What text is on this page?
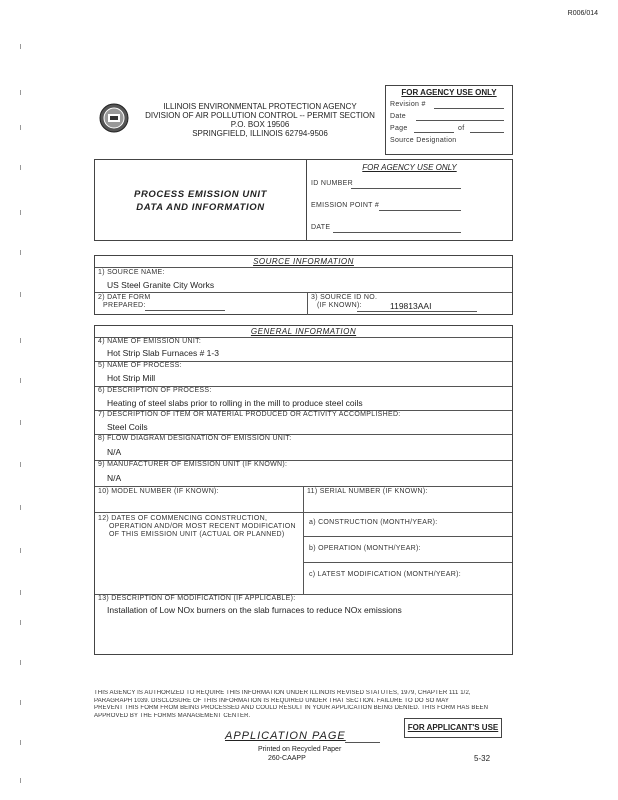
R006/014
ILLINOIS ENVIRONMENTAL PROTECTION AGENCY
DIVISION OF AIR POLLUTION CONTROL -- PERMIT SECTION
P.O. BOX 19506
SPRINGFIELD, ILLINOIS 62794-9506
FOR AGENCY USE ONLY
Revision #
Date
Page	of
Source Designation
PROCESS EMISSION UNIT
DATA AND INFORMATION
FOR AGENCY USE ONLY
ID NUMBER
EMISSION POINT #
DATE
SOURCE INFORMATION
1) SOURCE NAME:
US Steel Granite City Works
2) DATE FORM
PREPARED:
3) SOURCE ID NO.
(IF KNOWN):	119813AAI
GENERAL INFORMATION
4) NAME OF EMISSION UNIT:
Hot Strip Slab Furnaces # 1-3
5) NAME OF PROCESS:
Hot Strip Mill
6) DESCRIPTION OF PROCESS:
Heating of steel slabs prior to rolling in the mill to produce steel coils
7) DESCRIPTION OF ITEM OR MATERIAL PRODUCED OR ACTIVITY ACCOMPLISHED:
Steel Coils
8) FLOW DIAGRAM DESIGNATION OF EMISSION UNIT:
N/A
9) MANUFACTURER OF EMISSION UNIT (IF KNOWN):
N/A
10) MODEL NUMBER (IF KNOWN):	11) SERIAL NUMBER (IF KNOWN):
12) DATES OF COMMENCING CONSTRUCTION,
OPERATION AND/OR MOST RECENT MODIFICATION
OF THIS EMISSION UNIT (ACTUAL OR PLANNED)
a) CONSTRUCTION (MONTH/YEAR):
b) OPERATION (MONTH/YEAR):
c) LATEST MODIFICATION (MONTH/YEAR):
13) DESCRIPTION OF MODIFICATION (IF APPLICABLE):
Installation of Low NOx burners on the slab furnaces to reduce NOx emissions
THIS AGENCY IS AUTHORIZED TO REQUIRE THIS INFORMATION UNDER ILLINOIS REVISED STATUTES, 1979, CHAPTER 111 1/2,
PARAGRAPH 1039. DISCLOSURE OF THIS INFORMATION IS REQUIRED UNDER THAT SECTION. FAILURE TO DO SO MAY
PREVENT THIS FORM FROM BEING PROCESSED AND COULD RESULT IN YOUR APPLICATION BEING DENIED. THIS FORM HAS BEEN
APPROVED BY THE FORMS MANAGEMENT CENTER.
APPLICATION PAGE
Printed on Recycled Paper
260-CAAPP
FOR APPLICANT'S USE
5-32
